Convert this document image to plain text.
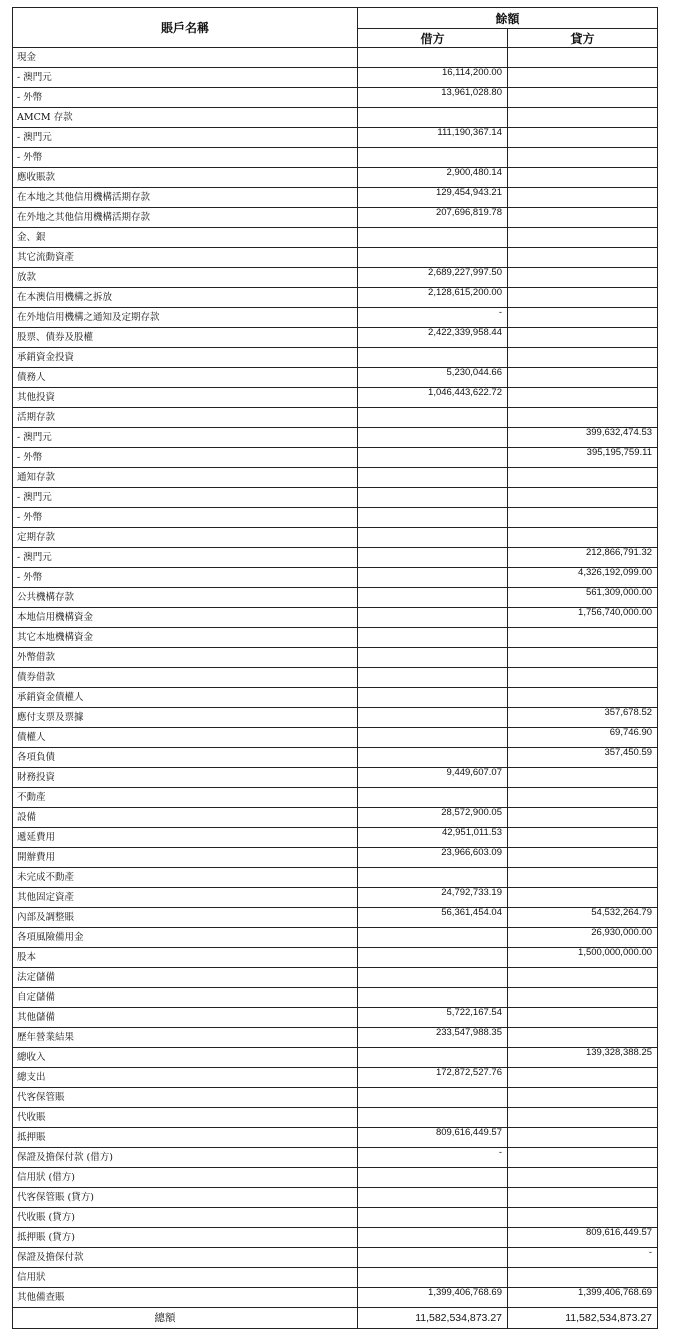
賬戶名稱	餘額	
	借方	貸方
現金		
- 澳門元	16,114,200.00	
- 外幣	13,961,028.80	
AMCM 存款		
- 澳門元	111,190,367.14	
- 外幣		
應收賬款	2,900,480.14	
在本地之其他信用機構活期存款	129,454,943.21	
在外地之其他信用機構活期存款	207,696,819.78	
金、銀		
其它流動資產		
放款	2,689,227,997.50	
在本澳信用機構之拆放	2,128,615,200.00	
在外地信用機構之通知及定期存款	-	
股票、債券及股權	2,422,339,958.44	
承銷資金投資		
債務人	5,230,044.66	
其他投資	1,046,443,622.72	
活期存款		
- 澳門元		399,632,474.53
- 外幣		395,195,759.11
通知存款		
- 澳門元		
- 外幣		
定期存款		
- 澳門元		212,866,791.32
- 外幣		4,326,192,099.00
公共機構存款		561,309,000.00
本地信用機構資金		1,756,740,000.00
其它本地機構資金		
外幣借款		
債券借款		
承銷資金債權人		
應付支票及票據		357,678.52
債權人		69,746.90
各項負債		357,450.59
財務投資	9,449,607.07	
不動產		
設備	28,572,900.05	
遞延費用	42,951,011.53	
開辦費用	23,966,603.09	
未完成不動產		
其他固定資產	24,792,733.19	
內部及調整賬	56,361,454.04	54,532,264.79
各項風險備用金		26,930,000.00
股本		1,500,000,000.00
法定儲備		
自定儲備		
其他儲備	5,722,167.54	
歷年營業結果	233,547,988.35	
總收入		139,328,388.25
總支出	172,872,527.76	
代客保管賬		
代收賬		
抵押賬	809,616,449.57	
保證及擔保付款 (借方)	-	
信用狀 (借方)		
代客保管賬 (貸方)		
代收賬 (貸方)		
抵押賬 (貸方)		809,616,449.57
保證及擔保付款		-
信用狀		
其他備查賬	1,399,406,768.69	1,399,406,768.69
總額	11,582,534,873.27	11,582,534,873.27
